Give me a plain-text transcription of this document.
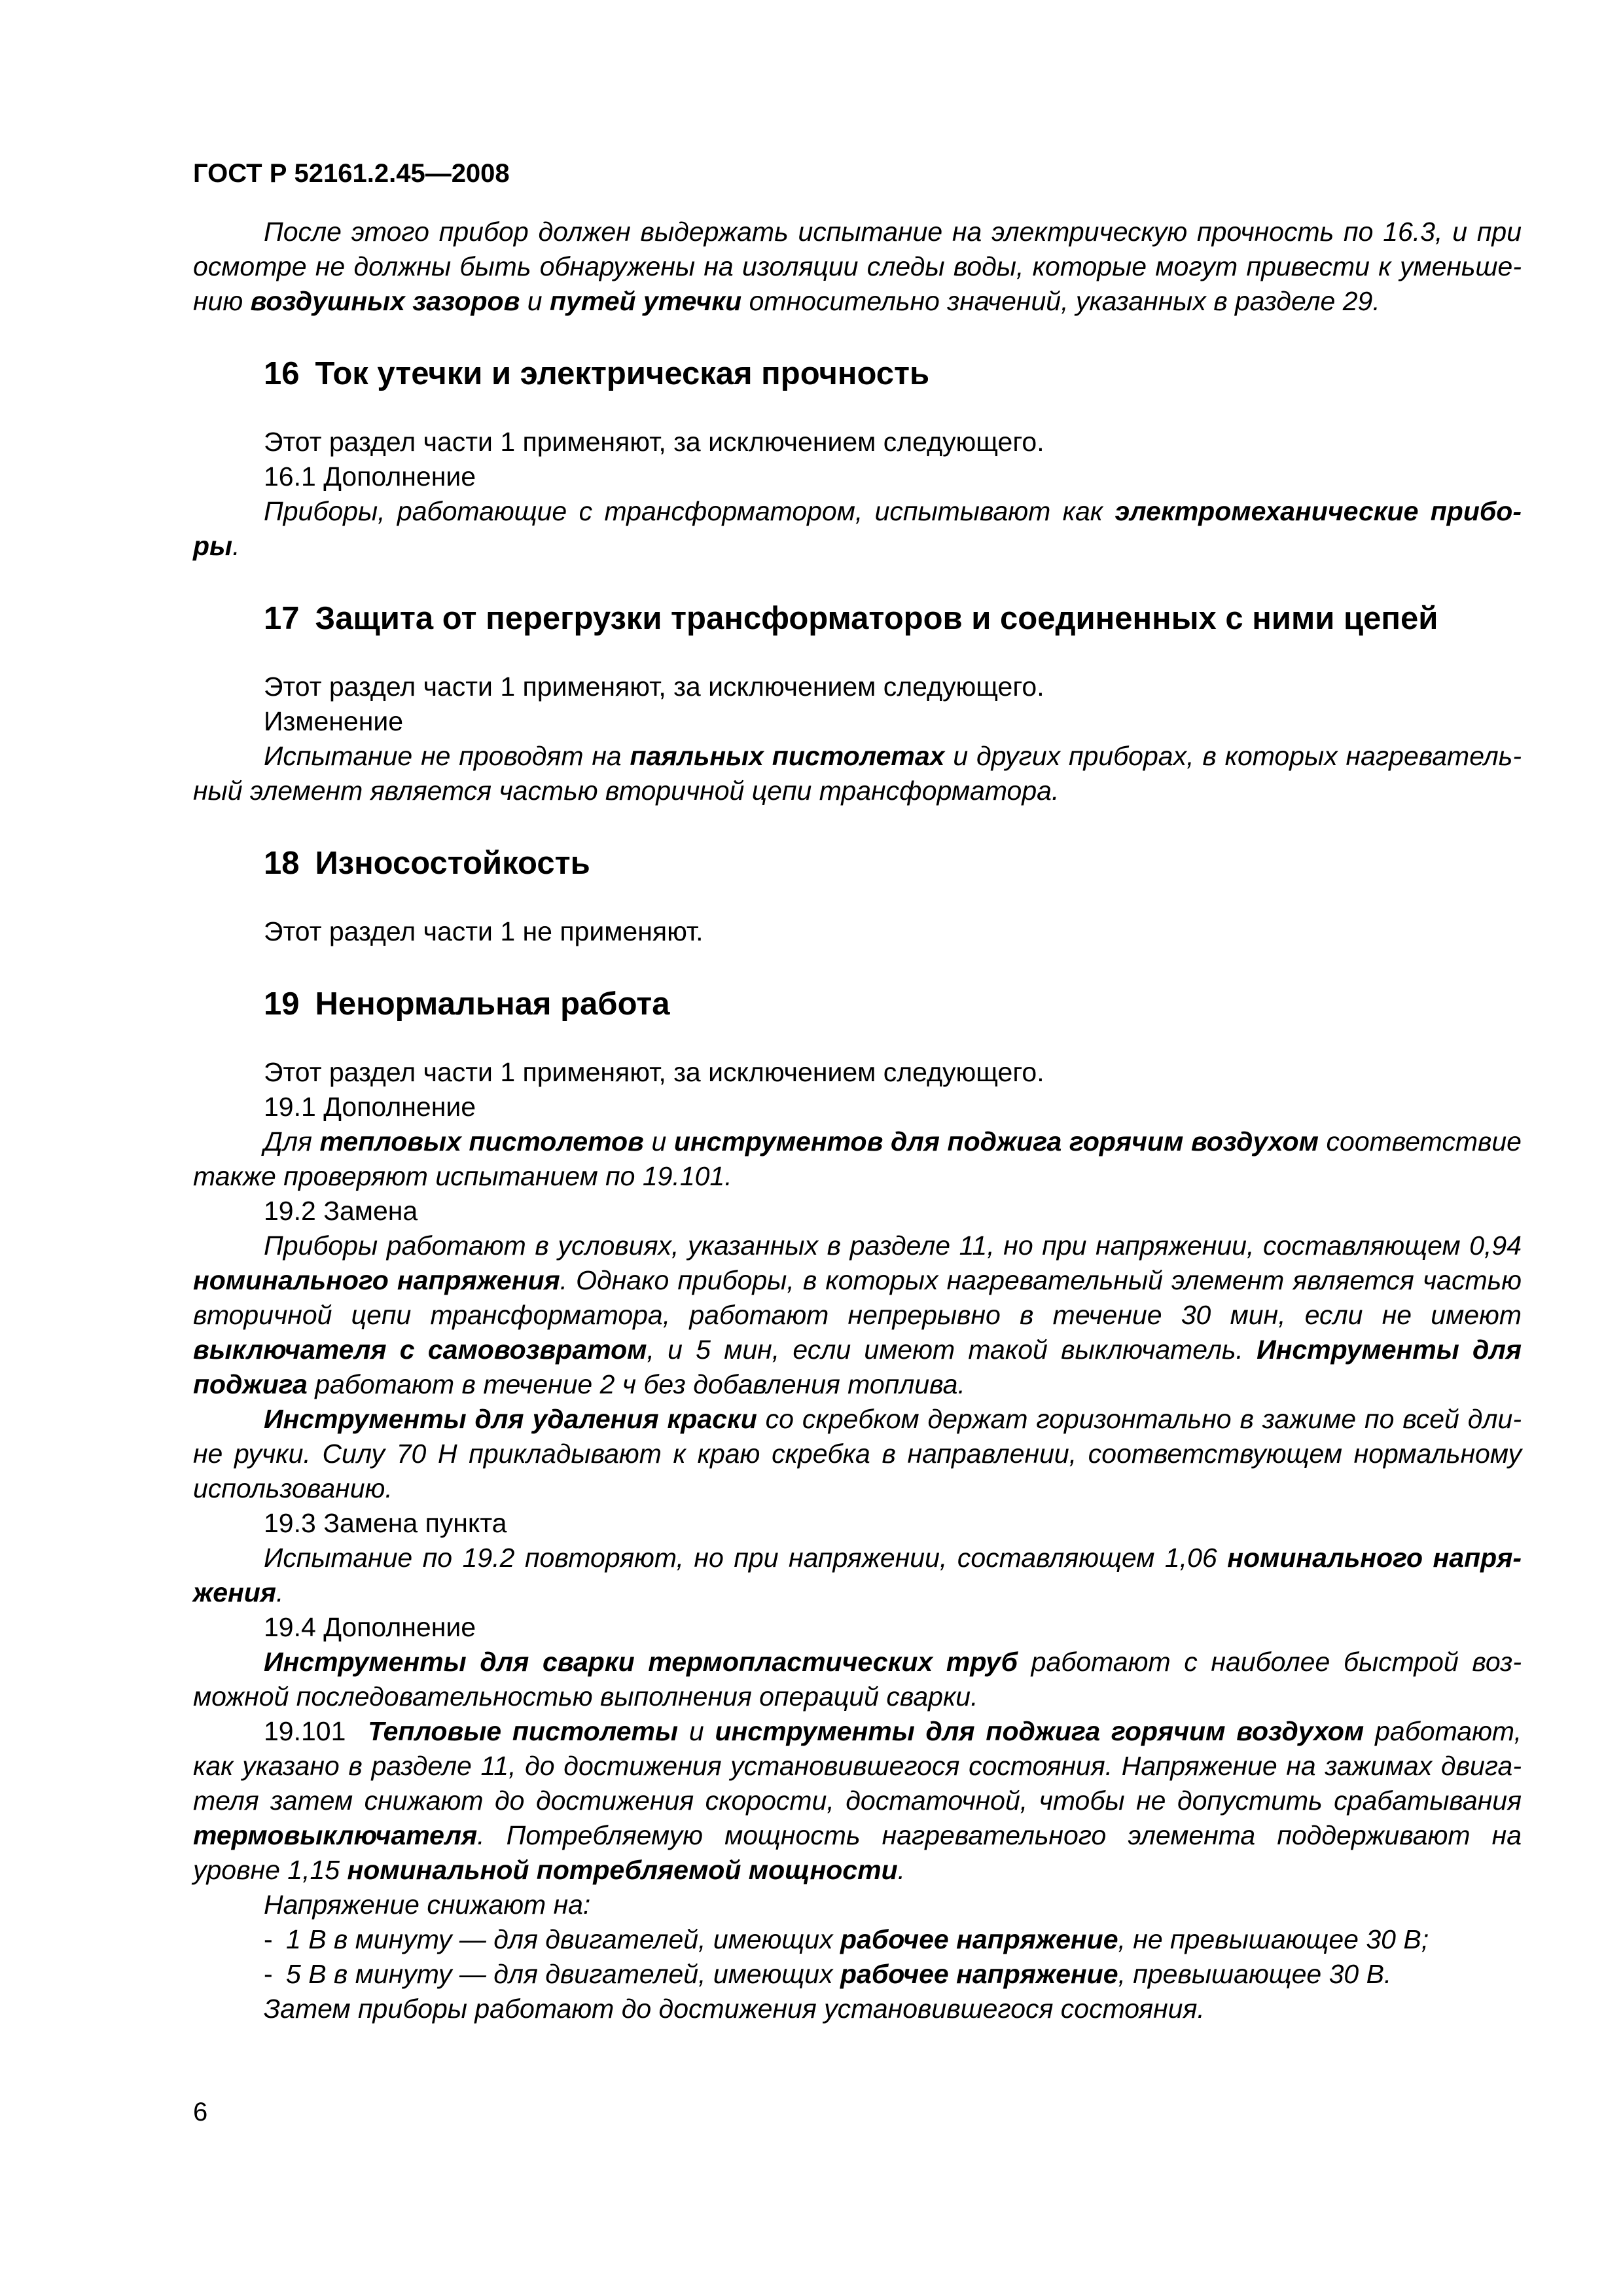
ГОСТ Р 52161.2.45—2008

После этого прибор должен выдержать испытание на электрическую прочность по 16.3, и при осмотре не должны быть обнаружены на изоляции следы воды, которые могут привести к уменьшению воздушных зазоров и путей утечки относительно значений, указанных в разделе 29.

16 Ток утечки и электрическая прочность

Этот раздел части 1 применяют, за исключением следующего.

16.1 Дополнение

Приборы, работающие с трансформатором, испытывают как электромеханические приборы.

17 Защита от перегрузки трансформаторов и соединенных с ними цепей

Этот раздел части 1 применяют, за исключением следующего.

Изменение

Испытание не проводят на паяльных пистолетах и других приборах, в которых нагревательный элемент является частью вторичной цепи трансформатора.

18 Износостойкость

Этот раздел части 1 не применяют.

19 Ненормальная работа

Этот раздел части 1 применяют, за исключением следующего.

19.1 Дополнение

Для тепловых пистолетов и инструментов для поджига горячим воздухом соответствие также проверяют испытанием по 19.101.

19.2 Замена

Приборы работают в условиях, указанных в разделе 11, но при напряжении, составляющем 0,94 номинального напряжения. Однако приборы, в которых нагревательный элемент является частью вторичной цепи трансформатора, работают непрерывно в течение 30 мин, если не имеют выключателя с самовозвратом, и 5 мин, если имеют такой выключатель. Инструменты для поджига работают в течение 2 ч без добавления топлива.

Инструменты для удаления краски со скребком держат горизонтально в зажиме по всей длине ручки. Силу 70 Н прикладывают к краю скребка в направлении, соответствующем нормальному использованию.

19.3 Замена пункта

Испытание по 19.2 повторяют, но при напряжении, составляющем 1,06 номинального напряжения.

19.4 Дополнение

Инструменты для сварки термопластических труб работают с наиболее быстрой возможной последовательностью выполнения операций сварки.

19.101 Тепловые пистолеты и инструменты для поджига горячим воздухом работают, как указано в разделе 11, до достижения установившегося состояния. Напряжение на зажимах двигателя затем снижают до достижения скорости, достаточной, чтобы не допустить срабатывания термовыключателя. Потребляемую мощность нагревательного элемента поддерживают на уровне 1,15 номинальной потребляемой мощности.

Напряжение снижают на:

- 1 В в минуту — для двигателей, имеющих рабочее напряжение, не превышающее 30 В;

- 5 В в минуту — для двигателей, имеющих рабочее напряжение, превышающее 30 В.

Затем приборы работают до достижения установившегося состояния.

6
